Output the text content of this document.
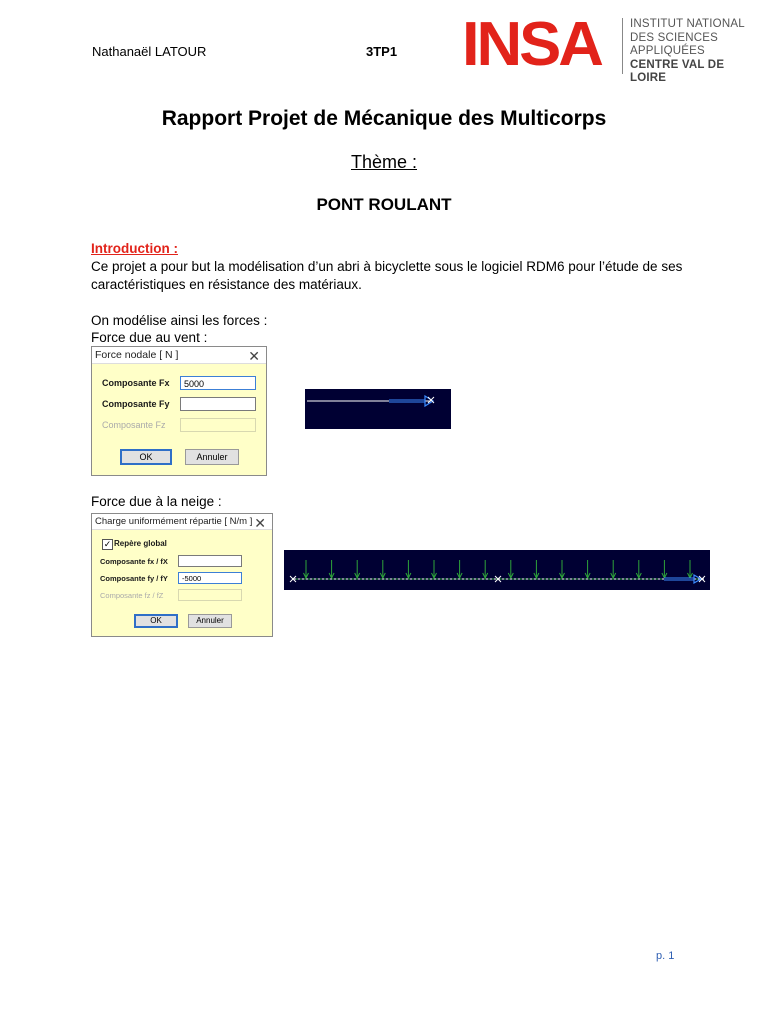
Nathanaël LATOUR	3TP1 INSA	INSTITUT NATIONAL
DES SCIENCES
APPLIQUÉES
CENTRE VAL DE LOIRE
Rapport Projet de Mécanique des Multicorps
Thème :
PONT ROULANT
Introduction :
Ce projet a pour but la modélisation d’un abri à bicyclette sous le logiciel RDM6 pour l’étude de ses caractéristiques en résistance des matériaux.
On modélise ainsi les forces :
Force due au vent :
Force nodale [ N ]	✕
Composante Fx	5000
Composante Fy
Composante Fz
OK	Annuler
Force due à la neige :
Charge uniformément répartie [ N/m ] ✕
✓ Repère global
Composante fx / fX
Composante fy / fY	-5000
Composante fz / fZ
OK	Annuler
p. 1
